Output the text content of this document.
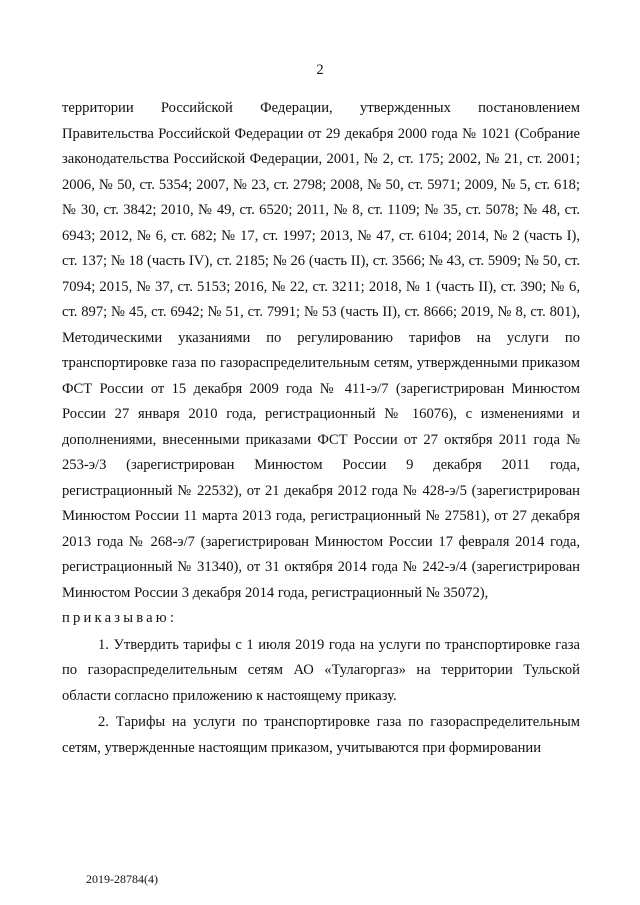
2

территории Российской Федерации, утвержденных постановлением Правительства Российской Федерации от 29 декабря 2000 года № 1021 (Собрание законодательства Российской Федерации, 2001, № 2, ст. 175; 2002, № 21, ст. 2001; 2006, № 50, ст. 5354; 2007, № 23, ст. 2798; 2008, № 50, ст. 5971; 2009, № 5, ст. 618; № 30, ст. 3842; 2010, № 49, ст. 6520; 2011, № 8, ст. 1109; № 35, ст. 5078; № 48, ст. 6943; 2012, № 6, ст. 682; № 17, ст. 1997; 2013, № 47, ст. 6104; 2014, № 2 (часть I), ст. 137; № 18 (часть IV), ст. 2185; № 26 (часть II), ст. 3566; № 43, ст. 5909; № 50, ст. 7094; 2015, № 37, ст. 5153; 2016, № 22, ст. 3211; 2018, № 1 (часть II), ст. 390; № 6, ст. 897; № 45, ст. 6942; № 51, ст. 7991; № 53 (часть II), ст. 8666; 2019, № 8, ст. 801), Методическими указаниями по регулированию тарифов на услуги по транспортировке газа по газораспределительным сетям, утвержденными приказом ФСТ России от 15 декабря 2009 года № 411-э/7 (зарегистрирован Минюстом России 27 января 2010 года, регистрационный № 16076), с изменениями и дополнениями, внесенными приказами ФСТ России от 27 октября 2011 года № 253-э/3 (зарегистрирован Минюстом России 9 декабря 2011 года, регистрационный № 22532), от 21 декабря 2012 года № 428-э/5 (зарегистрирован Минюстом России 11 марта 2013 года, регистрационный № 27581), от 27 декабря 2013 года № 268-э/7 (зарегистрирован Минюстом России 17 февраля 2014 года, регистрационный № 31340), от 31 октября 2014 года № 242-э/4 (зарегистрирован Минюстом России 3 декабря 2014 года, регистрационный № 35072),

приказываю:

1. Утвердить тарифы с 1 июля 2019 года на услуги по транспортировке газа по газораспределительным сетям АО «Тулагоргаз» на территории Тульской области согласно приложению к настоящему приказу.

2. Тарифы на услуги по транспортировке газа по газораспределительным сетям, утвержденные настоящим приказом, учитываются при формировании

2019-28784(4)
